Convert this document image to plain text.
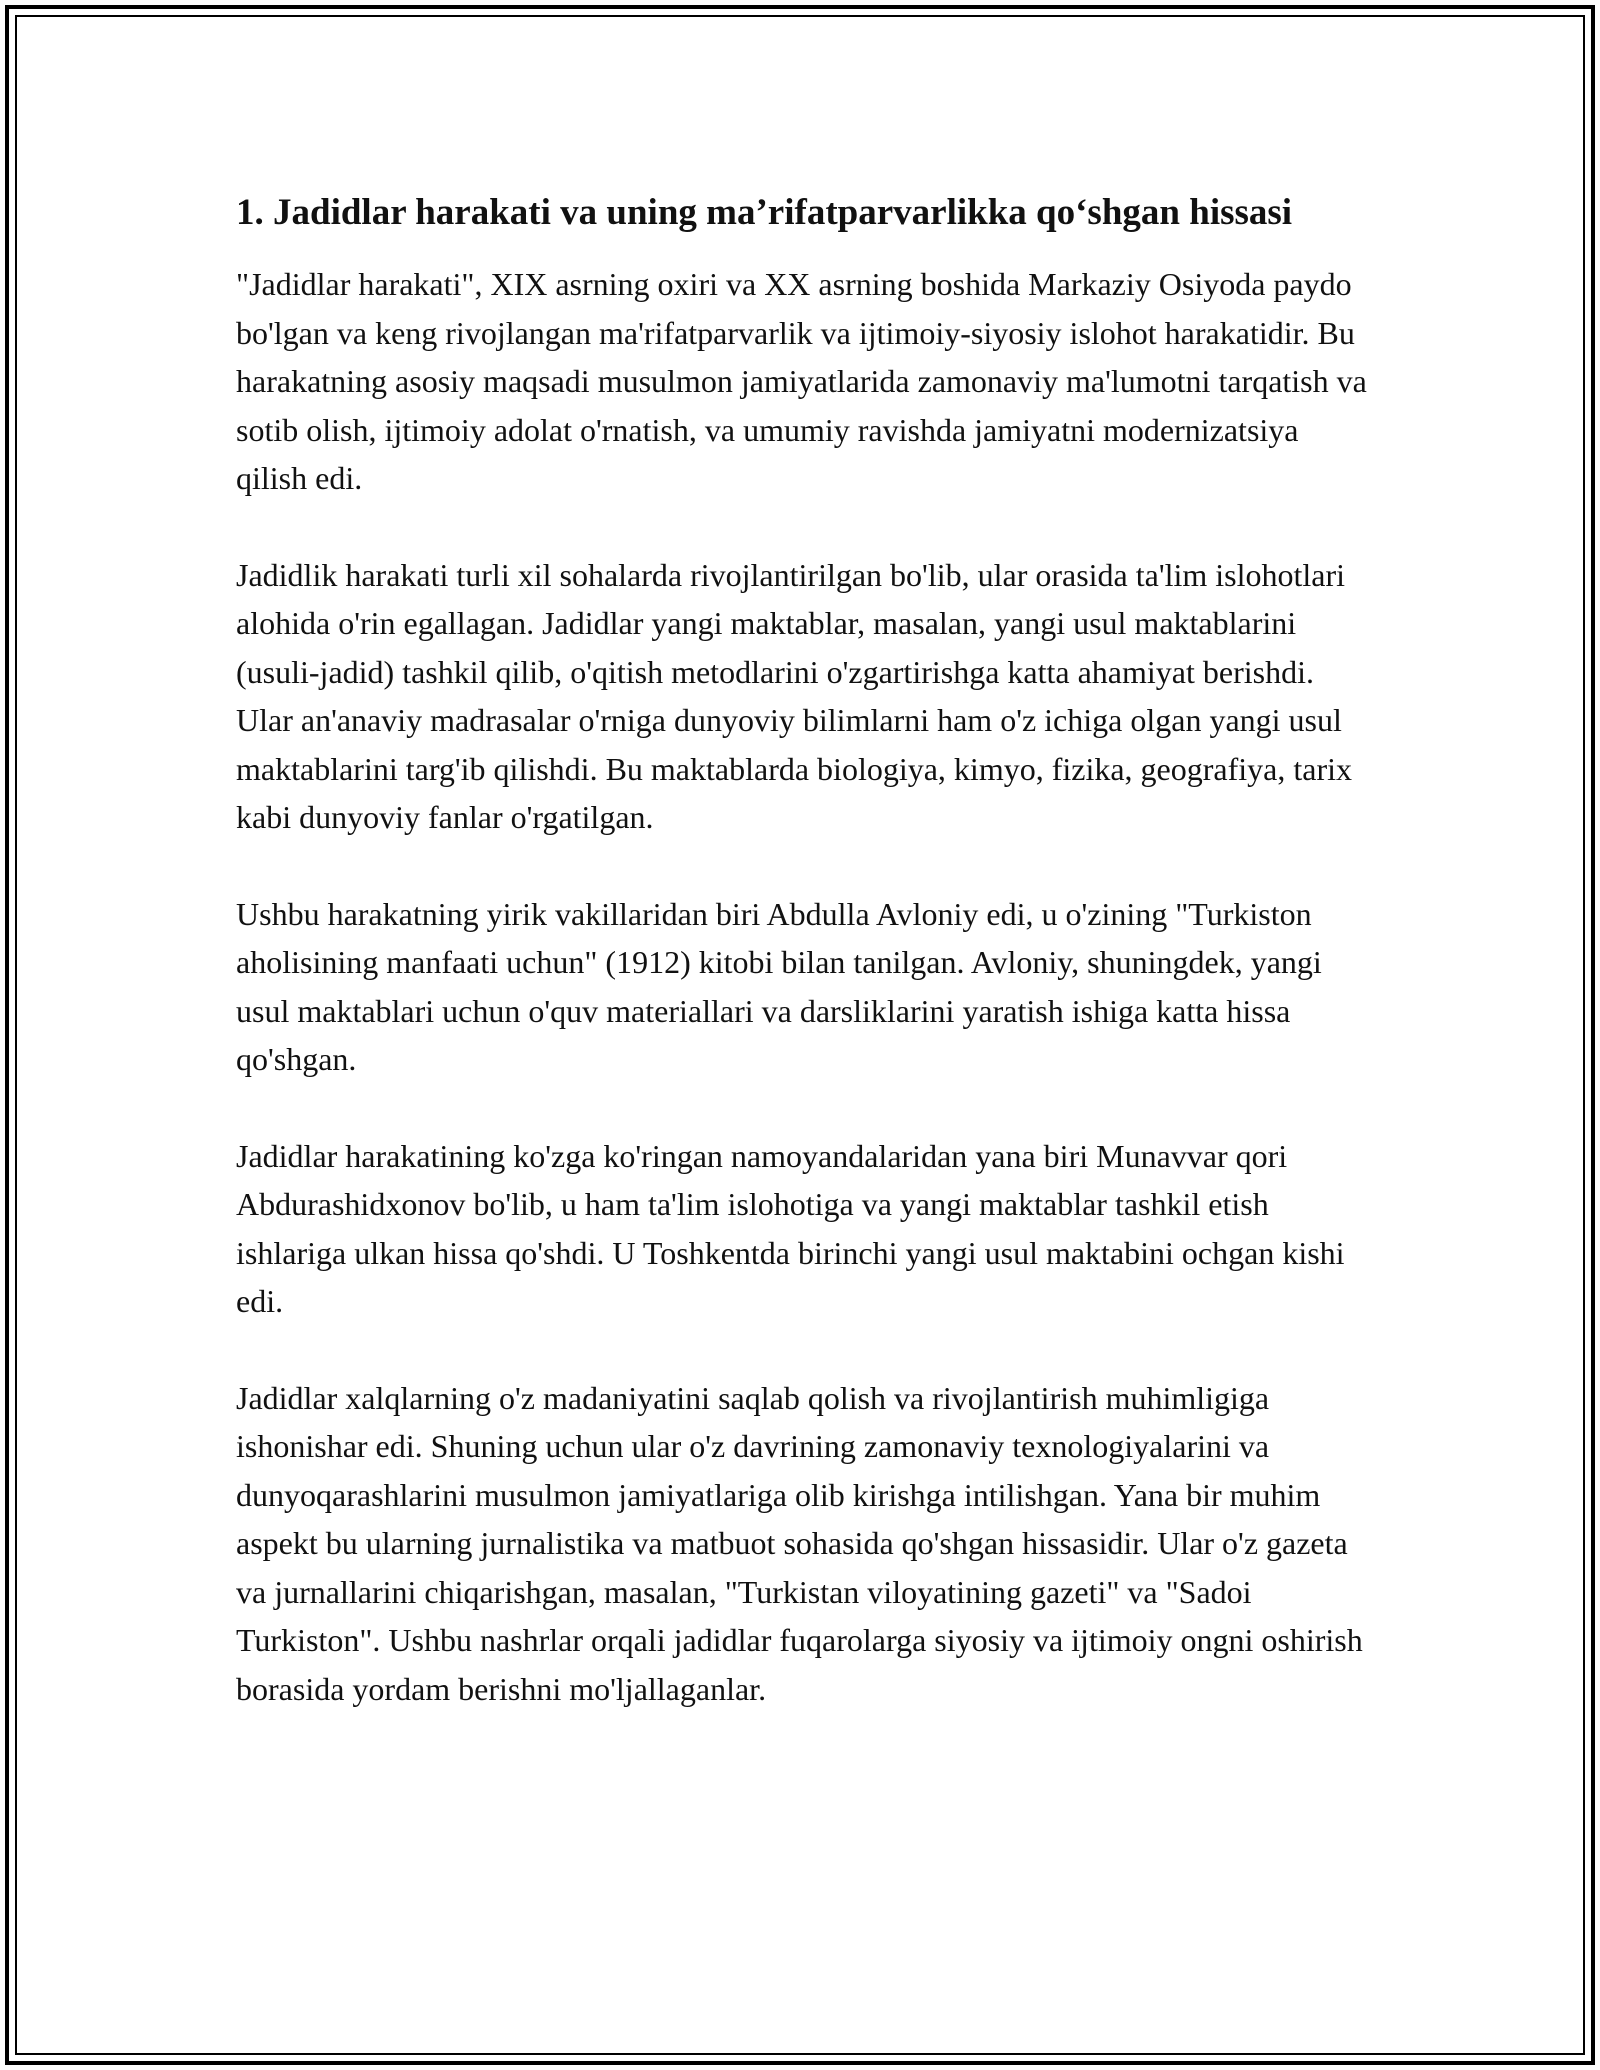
1. Jadidlar harakati va uning ma’rifatparvarlikka qo‘shgan hissasi

"Jadidlar harakati", XIX asrning oxiri va XX asrning boshida Markaziy Osiyoda paydo bo'lgan va keng rivojlangan ma'rifatparvarlik va ijtimoiy-siyosiy islohot harakatidir. Bu harakatning asosiy maqsadi musulmon jamiyatlarida zamonaviy ma'lumotni tarqatish va sotib olish, ijtimoiy adolat o'rnatish, va umumiy ravishda jamiyatni modernizatsiya qilish edi.

Jadidlik harakati turli xil sohalarda rivojlantirilgan bo'lib, ular orasida ta'lim islohotlari alohida o'rin egallagan. Jadidlar yangi maktablar, masalan, yangi usul maktablarini (usuli-jadid) tashkil qilib, o'qitish metodlarini o'zgartirishga katta ahamiyat berishdi. Ular an'anaviy madrasalar o'rniga dunyoviy bilimlarni ham o'z ichiga olgan yangi usul maktablarini targ'ib qilishdi. Bu maktablarda biologiya, kimyo, fizika, geografiya, tarix kabi dunyoviy fanlar o'rgatilgan.

Ushbu harakatning yirik vakillaridan biri Abdulla Avloniy edi, u o'zining "Turkiston aholisining manfaati uchun" (1912) kitobi bilan tanilgan. Avloniy, shuningdek, yangi usul maktablari uchun o'quv materiallari va darsliklarini yaratish ishiga katta hissa qo'shgan.

Jadidlar harakatining ko'zga ko'ringan namoyandalaridan yana biri Munavvar qori Abdurashidxonov bo'lib, u ham ta'lim islohotiga va yangi maktablar tashkil etish ishlariga ulkan hissa qo'shdi. U Toshkentda birinchi yangi usul maktabini ochgan kishi edi.

Jadidlar xalqlarning o'z madaniyatini saqlab qolish va rivojlantirish muhimligiga ishonishar edi. Shuning uchun ular o'z davrining zamonaviy texnologiyalarini va dunyoqarashlarini musulmon jamiyatlariga olib kirishga intilishgan. Yana bir muhim aspekt bu ularning jurnalistika va matbuot sohasida qo'shgan hissasidir. Ular o'z gazeta va jurnallarini chiqarishgan, masalan, "Turkistan viloyatining gazeti" va "Sadoi Turkiston". Ushbu nashrlar orqali jadidlar fuqarolarga siyosiy va ijtimoiy ongni oshirish borasida yordam berishni mo'ljallaganlar.
